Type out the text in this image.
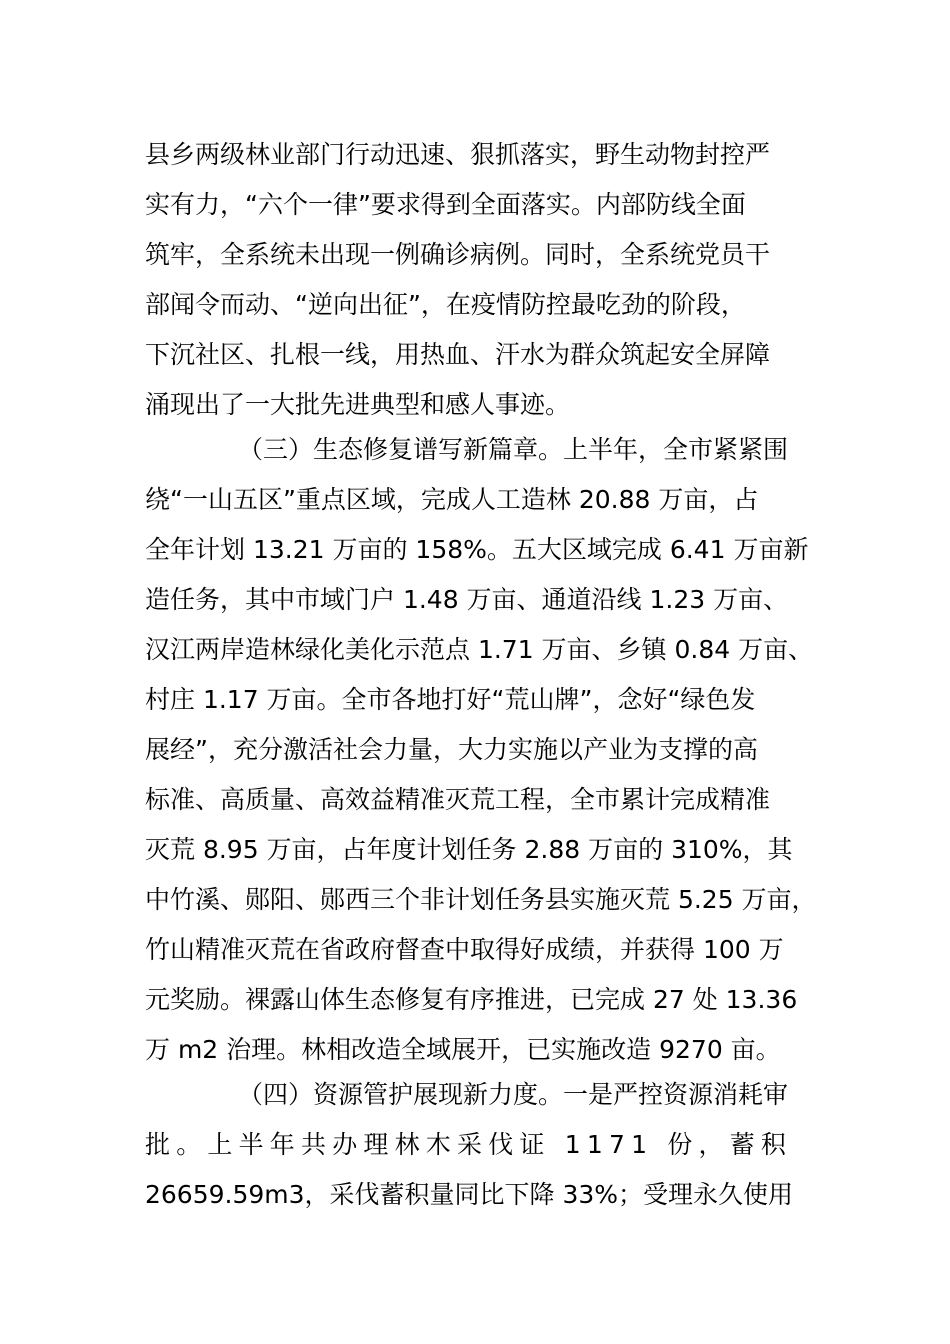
县乡两级林业部门行动迅速、狠抓落实，野生动物封控严

实有力，“六个一律”要求得到全面落实。内部防线全面

筑牢，全系统未出现一例确诊病例。同时，全系统党员干

部闻令而动、“逆向出征”，在疫情防控最吃劲的阶段，

下沉社区、扎根一线，用热血、汗水为群众筑起安全屏障

涌现出了一大批先进典型和感人事迹。

（三）生态修复谱写新篇章。上半年，全市紧紧围

绕“一山五区”重点区域，完成人工造林 20.88 万亩，占

全年计划 13.21 万亩的 158%。五大区域完成 6.41 万亩新

造任务，其中市域门户 1.48 万亩、通道沿线 1.23 万亩、

汉江两岸造林绿化美化示范点 1.71 万亩、乡镇 0.84 万亩、

村庄 1.17 万亩。全市各地打好“荒山牌”，念好“绿色发

展经”，充分激活社会力量，大力实施以产业为支撑的高

标准、高质量、高效益精准灭荒工程，全市累计完成精准

灭荒 8.95 万亩，占年度计划任务 2.88 万亩的 310%，其

中竹溪、郧阳、郧西三个非计划任务县实施灭荒 5.25 万亩，

竹山精准灭荒在省政府督查中取得好成绩，并获得 100 万

元奖励。裸露山体生态修复有序推进，已完成 27 处 13.36

万 m2 治理。林相改造全域展开，已实施改造 9270 亩。

（四）资源管护展现新力度。一是严控资源消耗审

批。上半年共办理林木采伐证 1171 份，蓄积

26659.59m3，采伐蓄积量同比下降 33%；受理永久使用
